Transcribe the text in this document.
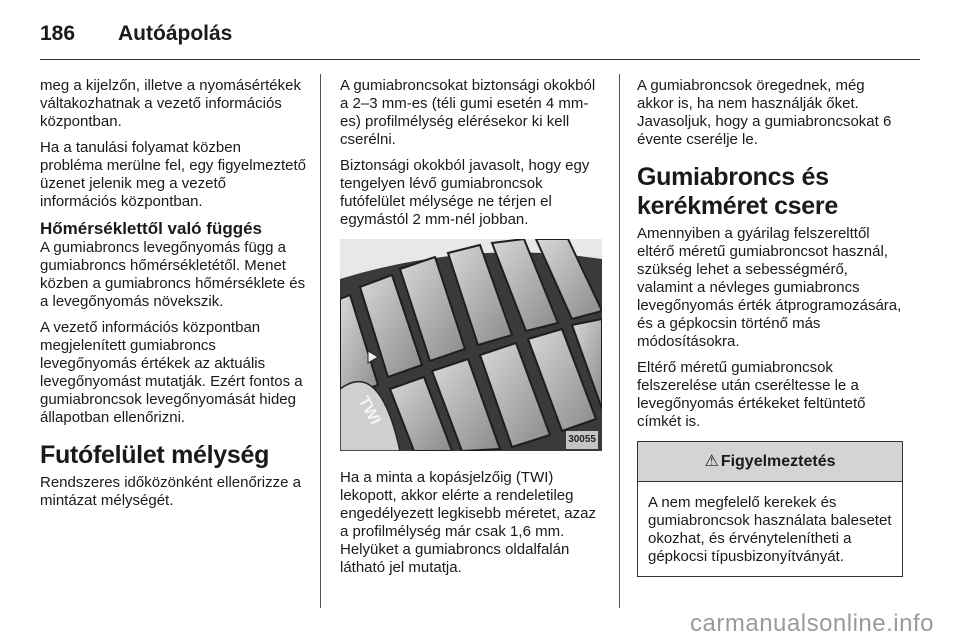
186	Autóápolás

meg a kijelzőn, illetve a nyomásértékek váltakozhatnak a vezető információs központban.

Ha a tanulási folyamat közben probléma merülne fel, egy figyelmeztető üzenet jelenik meg a vezető információs központban.

Hőmérséklettől való függés

A gumiabroncs levegőnyomás függ a gumiabroncs hőmérsékletétől. Menet közben a gumiabroncs hőmérséklete és a levegőnyomás növekszik.

A vezető információs központban megjelenített gumiabroncs levegőnyomás értékek az aktuális levegőnyomást mutatják. Ezért fontos a gumiabroncsok levegőnyomását hideg állapotban ellenőrizni.

Futófelület mélység

Rendszeres időközönként ellenőrizze a mintázat mélységét.

A gumiabroncsokat biztonsági okokból a 2–3 mm-es (téli gumi esetén 4 mm-es) profilmélység elérésekor ki kell cserélni.

Biztonsági okokból javasolt, hogy egy tengelyen lévő gumiabroncsok futófelület mélysége ne térjen el egymástól 2 mm-nél jobban.

TWI
30055

Ha a minta a kopásjelzőig (TWI) lekopott, akkor elérte a rendeletileg engedélyezett legkisebb méretet, azaz a profilmélység már csak 1,6 mm. Helyüket a gumiabroncs oldalfalán látható jel mutatja.

A gumiabroncsok öregednek, még akkor is, ha nem használják őket. Javasoljuk, hogy a gumiabroncsokat 6 évente cserélje le.

Gumiabroncs és kerékméret csere

Amennyiben a gyárilag felszerelttől eltérő méretű gumiabroncsot használ, szükség lehet a sebességmérő, valamint a névleges gumiabroncs levegőnyomás érték átprogramozására, és a gépkocsin történő más módosításokra.

Eltérő méretű gumiabroncsok felszerelése után cseréltesse le a levegőnyomás értékeket feltüntető címkét is.

⚠ Figyelmeztetés
A nem megfelelő kerekek és gumiabroncsok használata balesetet okozhat, és érvénytelenítheti a gépkocsi típusbizonyítványát.
carmanualsonline.info
